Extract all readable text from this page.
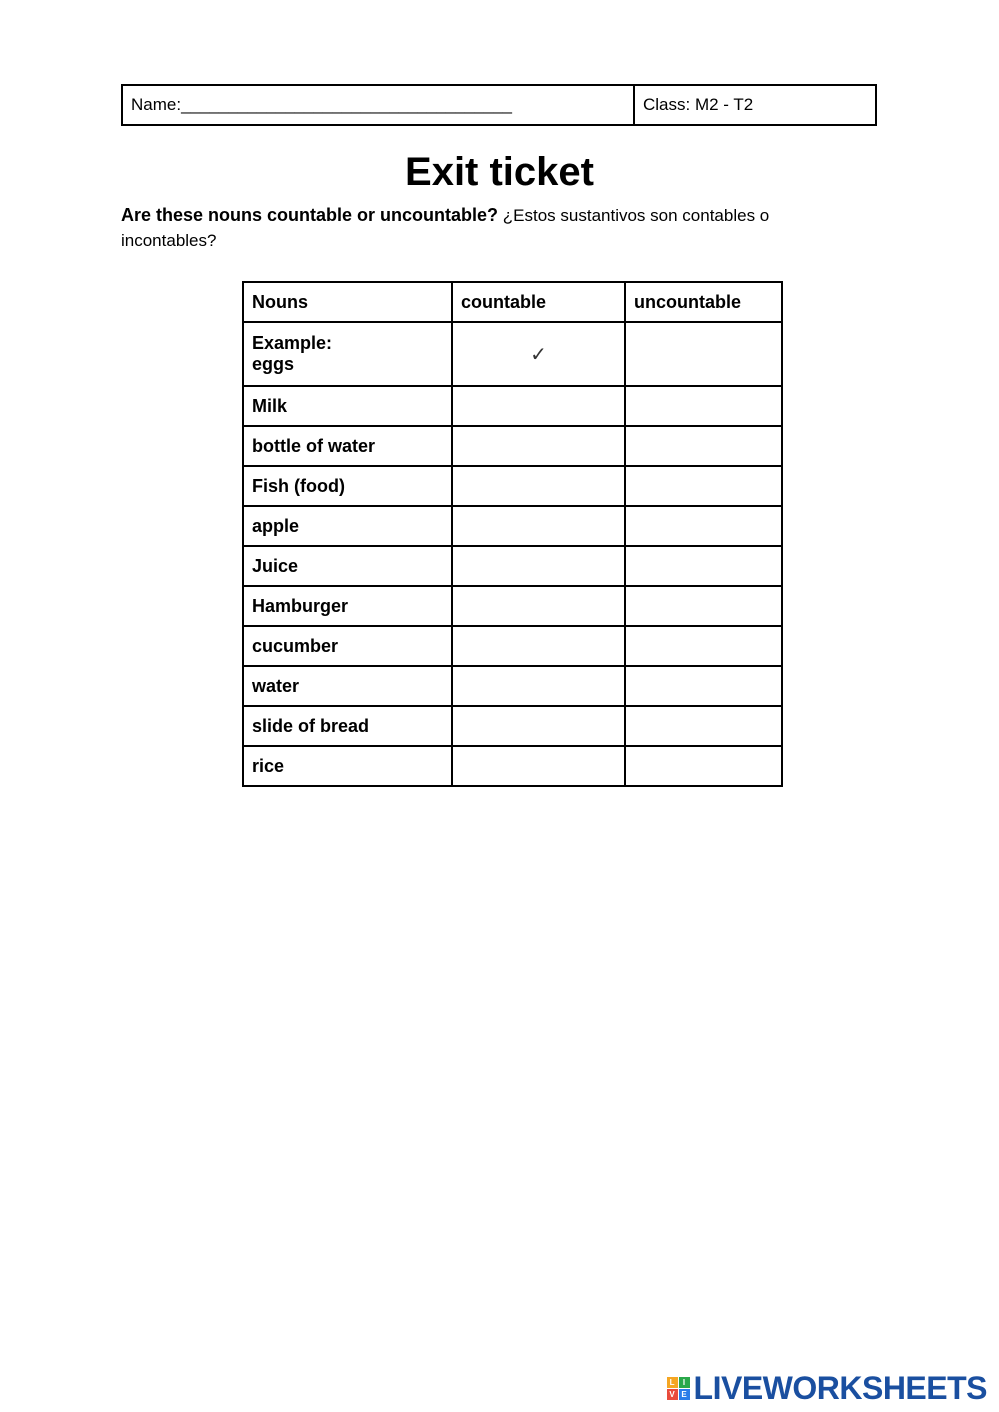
Name:___________________________________	Class: M2 - T2
Exit ticket
Are these nouns countable or uncountable? ¿Estos sustantivos son contables o incontables?
Nouns	countable	uncountable

Example:
eggs	✓	
Milk		
bottle of water		
Fish (food)		
apple		
Juice		
Hamburger		
cucumber		
water		
slide of bread		
rice		
L	I
V E LIVEWORKSHEETS
